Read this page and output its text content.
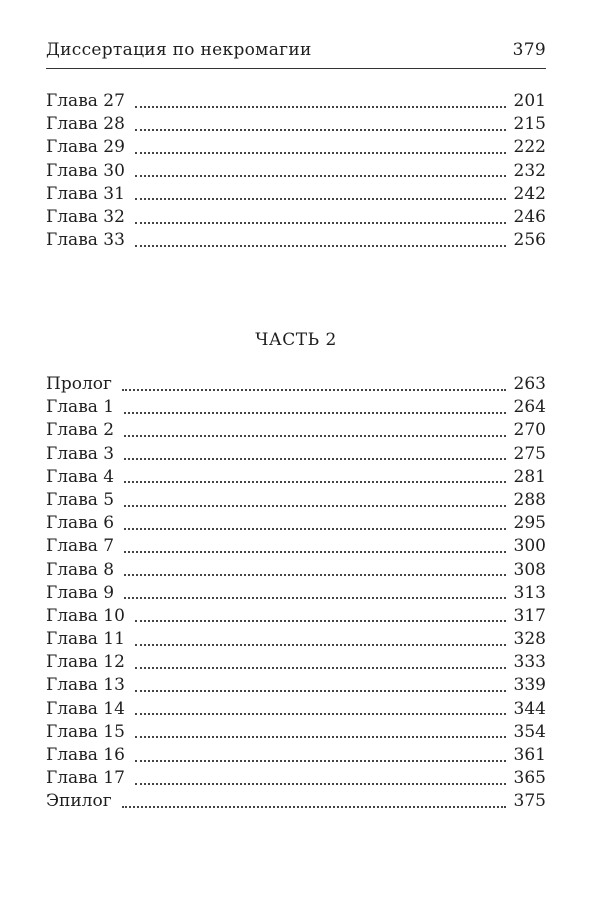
Диссертация по некромагии	379
Глава 27	201
Глава 28	215
Глава 29	222
Глава 30	232
Глава 31	242
Глава 32	246
Глава 33	256
ЧАСТЬ 2
Пролог	263
Глава 1	264
Глава 2	270
Глава 3	275
Глава 4	281
Глава 5	288
Глава 6	295
Глава 7	300
Глава 8	308
Глава 9	313
Глава 10	317
Глава 11	328
Глава 12	333
Глава 13	339
Глава 14	344
Глава 15	354
Глава 16	361
Глава 17	365
Эпилог	375
